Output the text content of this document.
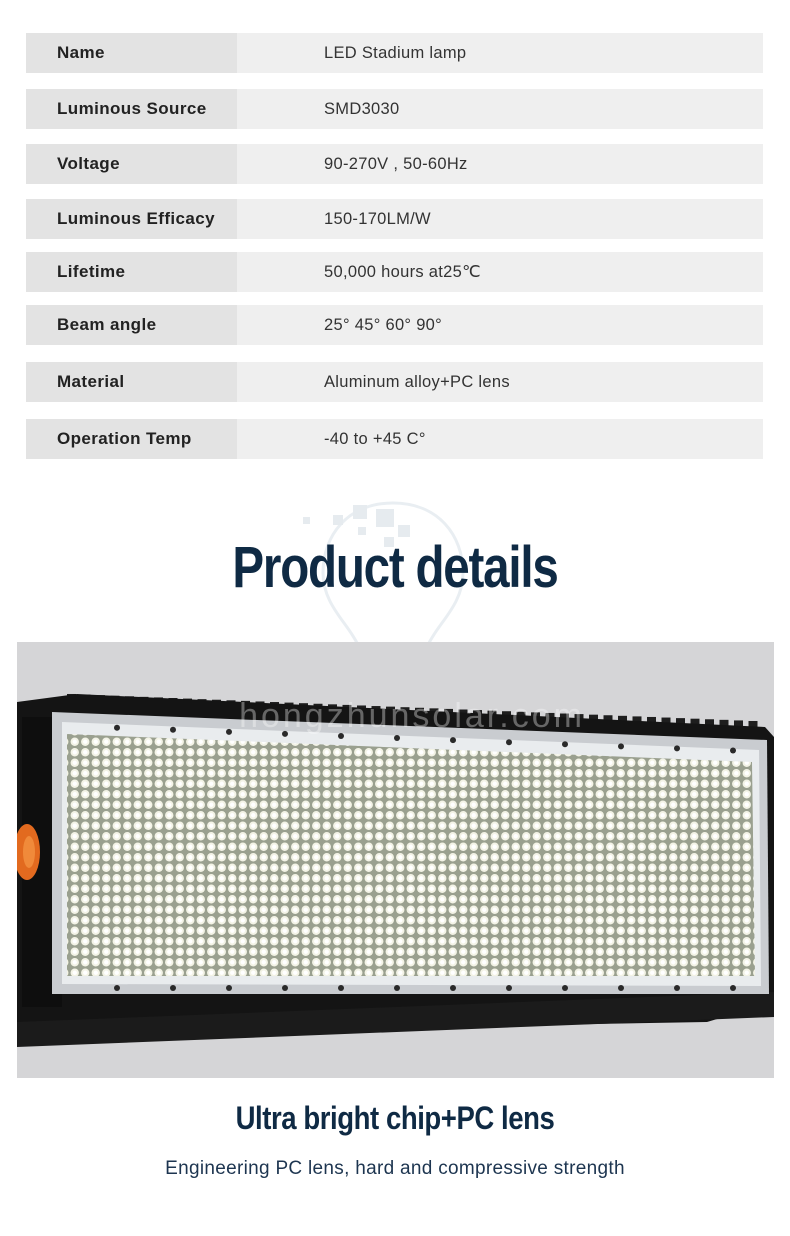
Name	LED Stadium lamp
Luminous Source	SMD3030
Voltage	90-270V , 50-60Hz
Luminous Efficacy	150-170LM/W
Lifetime	50,000 hours at25℃
Beam angle	25° 45° 60° 90°
Material	Aluminum alloy+PC lens
Operation Temp	-40 to +45 C°
Product details
hongzhunsolar.com
Ultra bright chip+PC lens
Engineering PC lens, hard and compressive strength
